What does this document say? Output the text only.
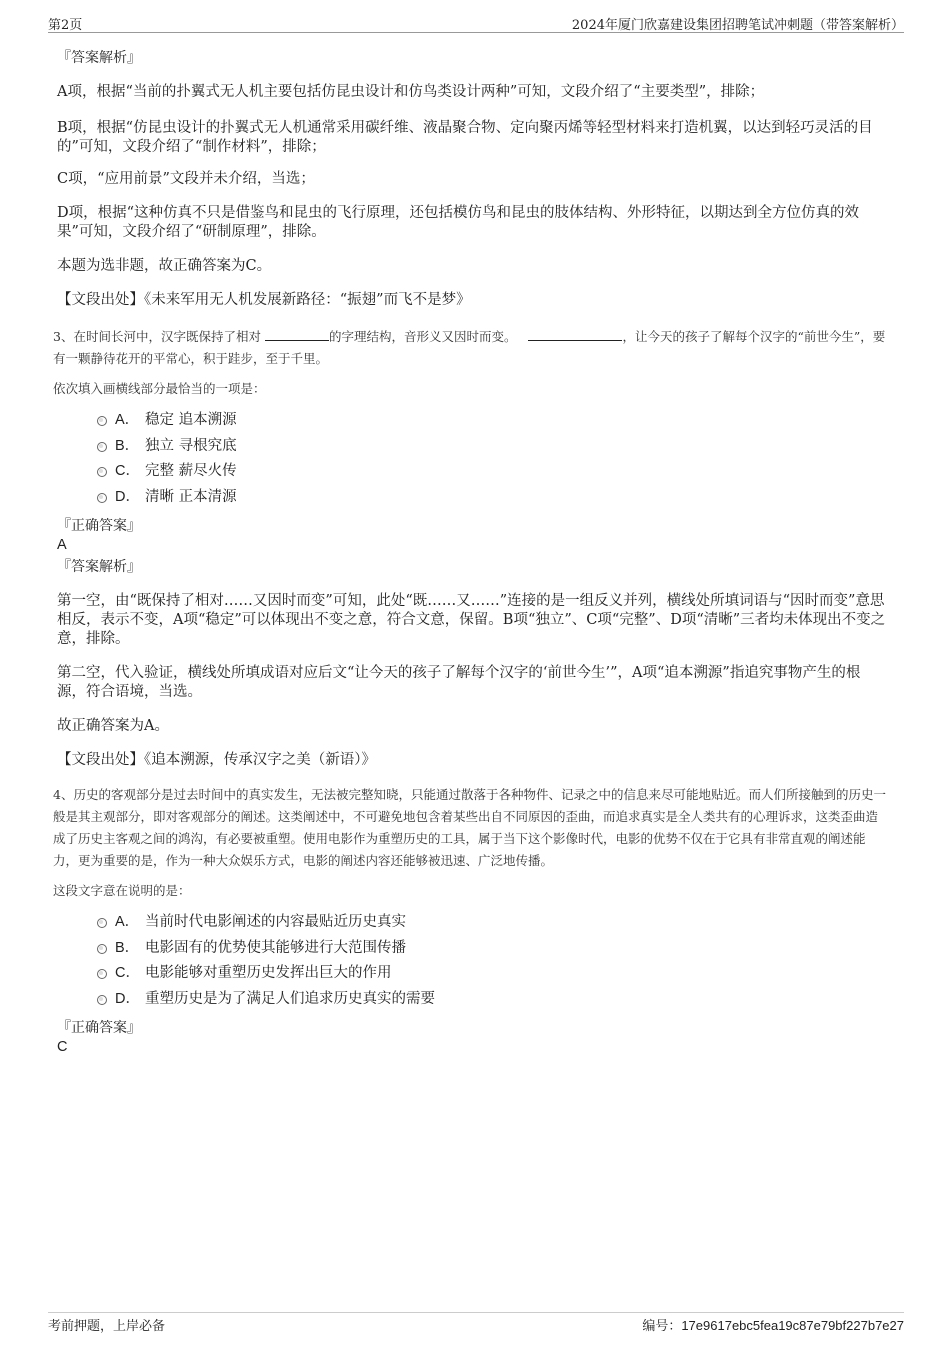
第2页	2024年厦门欣嘉建设集团招聘笔试冲刺题（带答案解析）
『答案解析』

A项，根据“当前的扑翼式无人机主要包括仿昆虫设计和仿鸟类设计两种”可知，文段介绍了“主要类型”，排除；

B项，根据“仿昆虫设计的扑翼式无人机通常采用碳纤维、液晶聚合物、定向聚丙烯等轻型材料来打造机翼，以达到轻巧灵活的目的”可知，文段介绍了“制作材料”，排除；

C项，“应用前景”文段并未介绍，当选；

D项，根据“这种仿真不只是借鉴鸟和昆虫的飞行原理，还包括模仿鸟和昆虫的肢体结构、外形特征，以期达到全方位仿真的效果”可知，文段介绍了“研制原理”，排除。

本题为选非题，故正确答案为C。

【文段出处】《未来军用无人机发展新路径：“振翅”而飞不是梦》

3、在时间长河中，汉字既保持了相对	的字理结构，音形义又因时而变。	，让今天的孩子了解每个汉字的“前世今生”，要有一颗静待花开的平常心，积于跬步，至于千里。

依次填入画横线部分最恰当的一项是：

A． 稳定 追本溯源
B． 独立 寻根究底
C． 完整 薪尽火传
D． 清晰 正本清源
『正确答案』
A
『答案解析』

第一空，由“既保持了相对……又因时而变”可知，此处“既……又……”连接的是一组反义并列，横线处所填词语与“因时而变”意思相反，表示不变，A项“稳定”可以体现出不变之意，符合文意，保留。B项“独立”、C项“完整”、D项“清晰”三者均未体现出不变之意，排除。

第二空，代入验证，横线处所填成语对应后文“让今天的孩子了解每个汉字的‘前世今生’”，A项“追本溯源”指追究事物产生的根源，符合语境，当选。

故正确答案为A。

【文段出处】《追本溯源，传承汉字之美（新语）》

4、历史的客观部分是过去时间中的真实发生，无法被完整知晓，只能通过散落于各种物件、记录之中的信息来尽可能地贴近。而人们所接触到的历史一般是其主观部分，即对客观部分的阐述。这类阐述中，不可避免地包含着某些出自不同原因的歪曲，而追求真实是全人类共有的心理诉求，这类歪曲造成了历史主客观之间的鸿沟，有必要被重塑。使用电影作为重塑历史的工具，属于当下这个影像时代，电影的优势不仅在于它具有非常直观的阐述能力，更为重要的是，作为一种大众娱乐方式，电影的阐述内容还能够被迅速、广泛地传播。

这段文字意在说明的是：

A． 当前时代电影阐述的内容最贴近历史真实
B． 电影固有的优势使其能够进行大范围传播
C． 电影能够对重塑历史发挥出巨大的作用
D． 重塑历史是为了满足人们追求历史真实的需要
『正确答案』
C
考前押题，上岸必备	编号：17e9617ebc5fea19c87e79bf227b7e27
